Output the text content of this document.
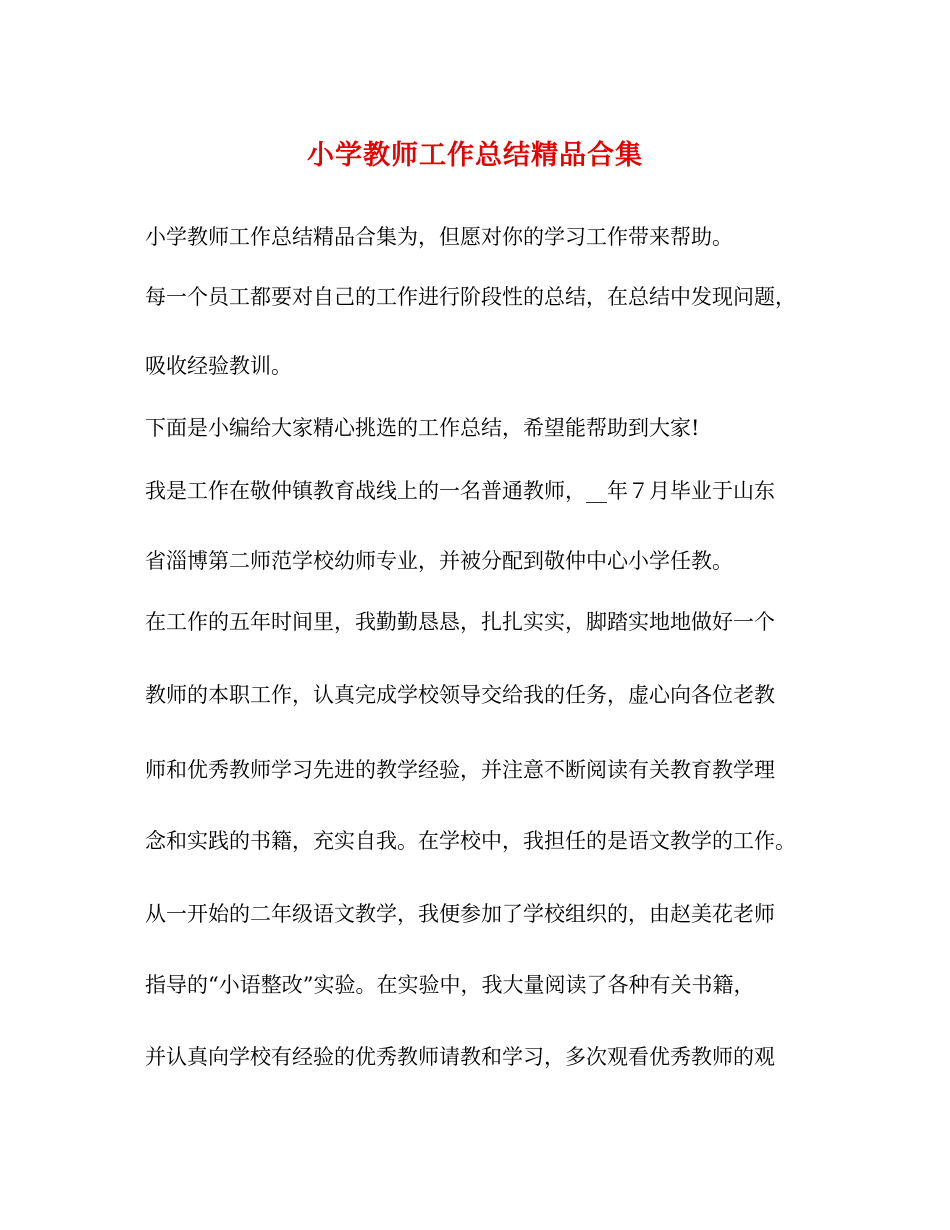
小学教师工作总结精品合集
小学教师工作总结精品合集为，但愿对你的学习工作带来帮助。
每一个员工都要对自己的工作进行阶段性的总结，在总结中发现问题，
吸收经验教训。
下面是小编给大家精心挑选的工作总结，希望能帮助到大家!
我是工作在敬仲镇教育战线上的一名普通教师，__年７月毕业于山东
省淄博第二师范学校幼师专业，并被分配到敬仲中心小学任教。
在工作的五年时间里，我勤勤恳恳，扎扎实实，脚踏实地地做好一个
教师的本职工作，认真完成学校领导交给我的任务，虚心向各位老教
师和优秀教师学习先进的教学经验，并注意不断阅读有关教育教学理
念和实践的书籍，充实自我。在学校中，我担任的是语文教学的工作。
从一开始的二年级语文教学，我便参加了学校组织的，由赵美花老师
指导的“小语整改”实验。在实验中，我大量阅读了各种有关书籍，
并认真向学校有经验的优秀教师请教和学习，多次观看优秀教师的观
